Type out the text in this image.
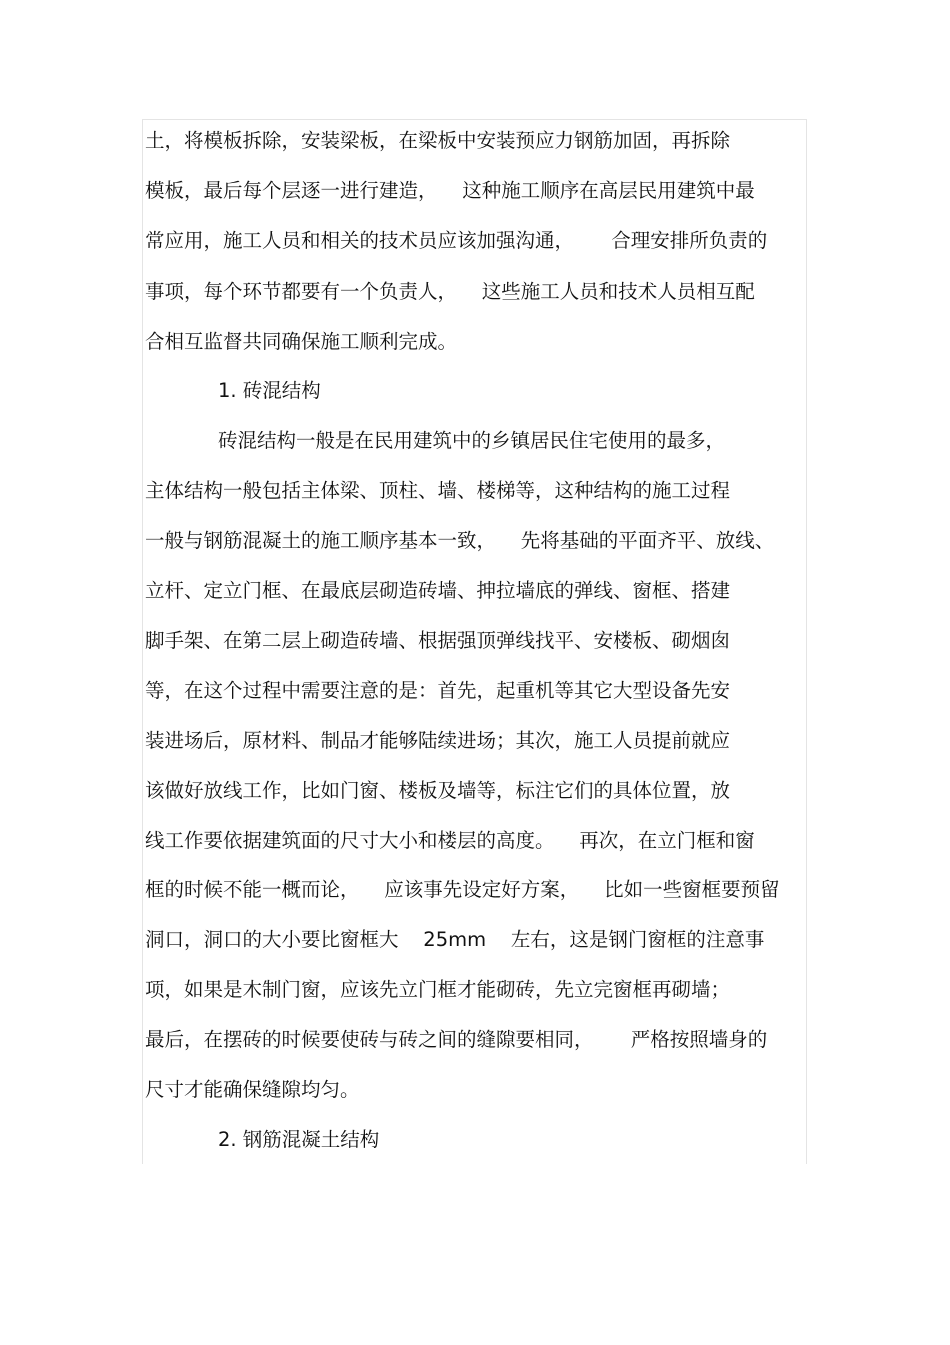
土，将模板拆除，安装梁板，在梁板中安装预应力钢筋加固，再拆除
模板，最后每个层逐一进行建造，    这种施工顺序在高层民用建筑中最
常应用，施工人员和相关的技术员应该加强沟通，      合理安排所负责的
事项，每个环节都要有一个负责人，    这些施工人员和技术人员相互配
合相互监督共同确保施工顺利完成。
1. 砖混结构
砖混结构一般是在民用建筑中的乡镇居民住宅使用的最多，
主体结构一般包括主体梁、顶柱、墙、楼梯等，这种结构的施工过程
一般与钢筋混凝土的施工顺序基本一致，    先将基础的平面齐平、放线、
立杆、定立门框、在最底层砌造砖墙、抻拉墙底的弹线、窗框、搭建
脚手架、在第二层上砌造砖墙、根据强顶弹线找平、安楼板、砌烟囱
等，在这个过程中需要注意的是：首先，起重机等其它大型设备先安
装进场后，原材料、制品才能够陆续进场；其次，施工人员提前就应
该做好放线工作，比如门窗、楼板及墙等，标注它们的具体位置，放
线工作要依据建筑面的尺寸大小和楼层的高度。    再次，在立门框和窗
框的时候不能一概而论，    应该事先设定好方案，    比如一些窗框要预留
洞口，洞口的大小要比窗框大    25mm    左右，这是钢门窗框的注意事
项，如果是木制门窗，应该先立门框才能砌砖，先立完窗框再砌墙；
最后，在摆砖的时候要使砖与砖之间的缝隙要相同，      严格按照墙身的
尺寸才能确保缝隙均匀。
2. 钢筋混凝土结构
